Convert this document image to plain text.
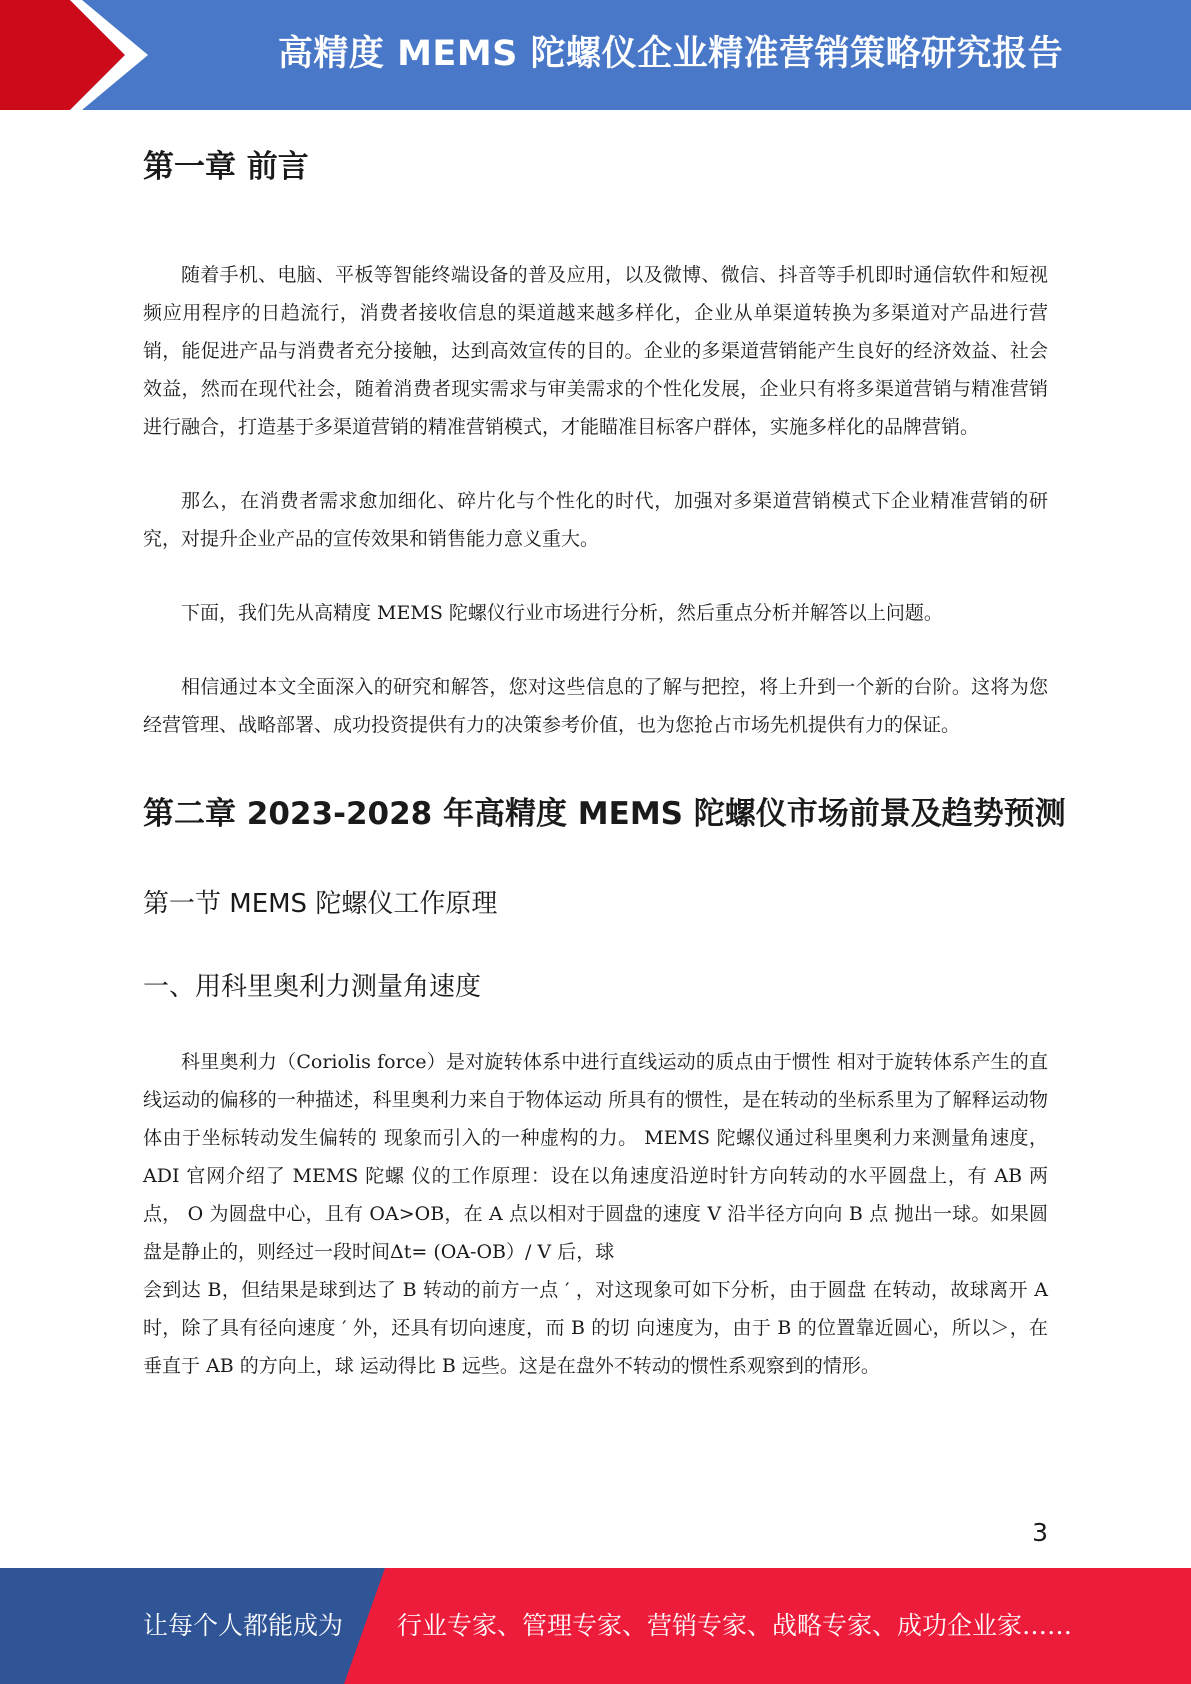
高精度 MEMS 陀螺仪企业精准营销策略研究报告
第一章 前言

随着手机、电脑、平板等智能终端设备的普及应用，以及微博、微信、抖音等手机即时通信软件和短视频应用程序的日趋流行，消费者接收信息的渠道越来越多样化，企业从单渠道转换为多渠道对产品进行营销，能促进产品与消费者充分接触，达到高效宣传的目的。企业的多渠道营销能产生良好的经济效益、社会效益，然而在现代社会，随着消费者现实需求与审美需求的个性化发展，企业只有将多渠道营销与精准营销进行融合，打造基于多渠道营销的精准营销模式，才能瞄准目标客户群体，实施多样化的品牌营销。

那么，在消费者需求愈加细化、碎片化与个性化的时代，加强对多渠道营销模式下企业精准营销的研究，对提升企业产品的宣传效果和销售能力意义重大。

下面，我们先从高精度 MEMS 陀螺仪行业市场进行分析，然后重点分析并解答以上问题。

相信通过本文全面深入的研究和解答，您对这些信息的了解与把控，将上升到一个新的台阶。这将为您经营管理、战略部署、成功投资提供有力的决策参考价值，也为您抢占市场先机提供有力的保证。

第二章 2023-2028 年高精度 MEMS 陀螺仪市场前景及趋势预测
第一节 MEMS 陀螺仪工作原理
一、用科里奥利力测量角速度

科里奥利力（Coriolis force）是对旋转体系中进行直线运动的质点由于惯性 相对于旋转体系产生的直线运动的偏移的一种描述，科里奥利力来自于物体运动 所具有的惯性，是在转动的坐标系里为了解释运动物体由于坐标转动发生偏转的 现象而引入的一种虚构的力。 MEMS 陀螺仪通过科里奥利力来测量角速度，ADI 官网介绍了 MEMS 陀螺 仪的工作原理：设在以角速度沿逆时针方向转动的水平圆盘上，有 AB 两点， O 为圆盘中心，且有 OA>OB，在 A 点以相对于圆盘的速度 V 沿半径方向向 B 点 抛出一球。如果圆盘是静止的，则经过一段时间Δt= (OA-OB）/ V 后，球

会到达 B，但结果是球到达了 B 转动的前方一点 ′ ，对这现象可如下分析，由于圆盘 在转动，故球离开 A 时，除了具有径向速度 ′ 外，还具有切向速度，而 B 的切 向速度为，由于 B 的位置靠近圆心，所以＞，在垂直于 AB 的方向上，球 运动得比 B 远些。这是在盘外不转动的惯性系观察到的情形。

3
让每个人都能成为 行业专家、管理专家、营销专家、战略专家、成功企业家……
